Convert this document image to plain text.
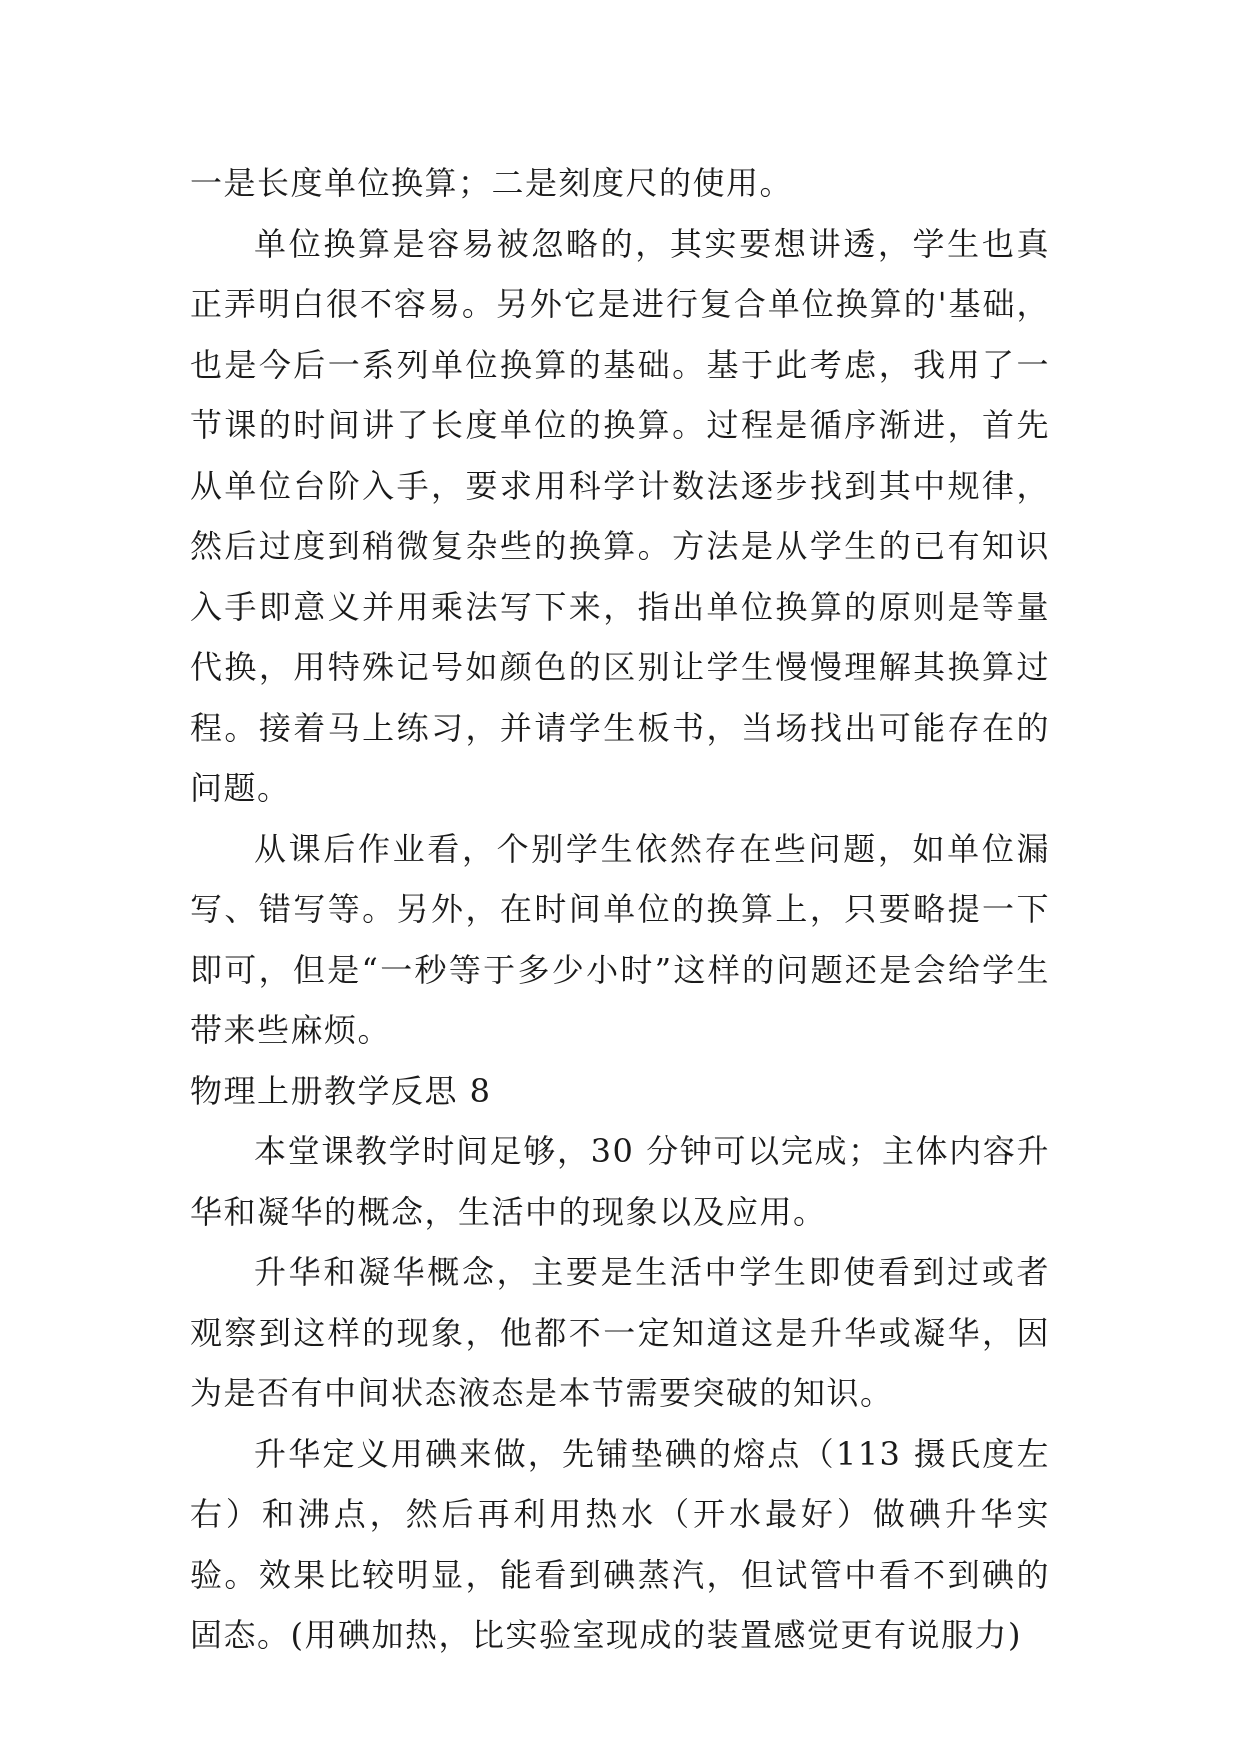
一是长度单位换算；二是刻度尺的使用。

单位换算是容易被忽略的，其实要想讲透，学生也真正弄明白很不容易。另外它是进行复合单位换算的'基础，也是今后一系列单位换算的基础。基于此考虑，我用了一节课的时间讲了长度单位的换算。过程是循序渐进，首先从单位台阶入手，要求用科学计数法逐步找到其中规律，然后过度到稍微复杂些的换算。方法是从学生的已有知识入手即意义并用乘法写下来，指出单位换算的原则是等量代换，用特殊记号如颜色的区别让学生慢慢理解其换算过程。接着马上练习，并请学生板书，当场找出可能存在的问题。

从课后作业看，个别学生依然存在些问题，如单位漏写、错写等。另外，在时间单位的换算上，只要略提一下即可，但是“一秒等于多少小时”这样的问题还是会给学生带来些麻烦。

物理上册教学反思 8

本堂课教学时间足够，30 分钟可以完成；主体内容升华和凝华的概念，生活中的现象以及应用。

升华和凝华概念，主要是生活中学生即使看到过或者观察到这样的现象，他都不一定知道这是升华或凝华，因为是否有中间状态液态是本节需要突破的知识。

升华定义用碘来做，先铺垫碘的熔点（113 摄氏度左右）和沸点，然后再利用热水（开水最好）做碘升华实验。效果比较明显，能看到碘蒸汽，但试管中看不到碘的固态。(用碘加热，比实验室现成的装置感觉更有说服力)
